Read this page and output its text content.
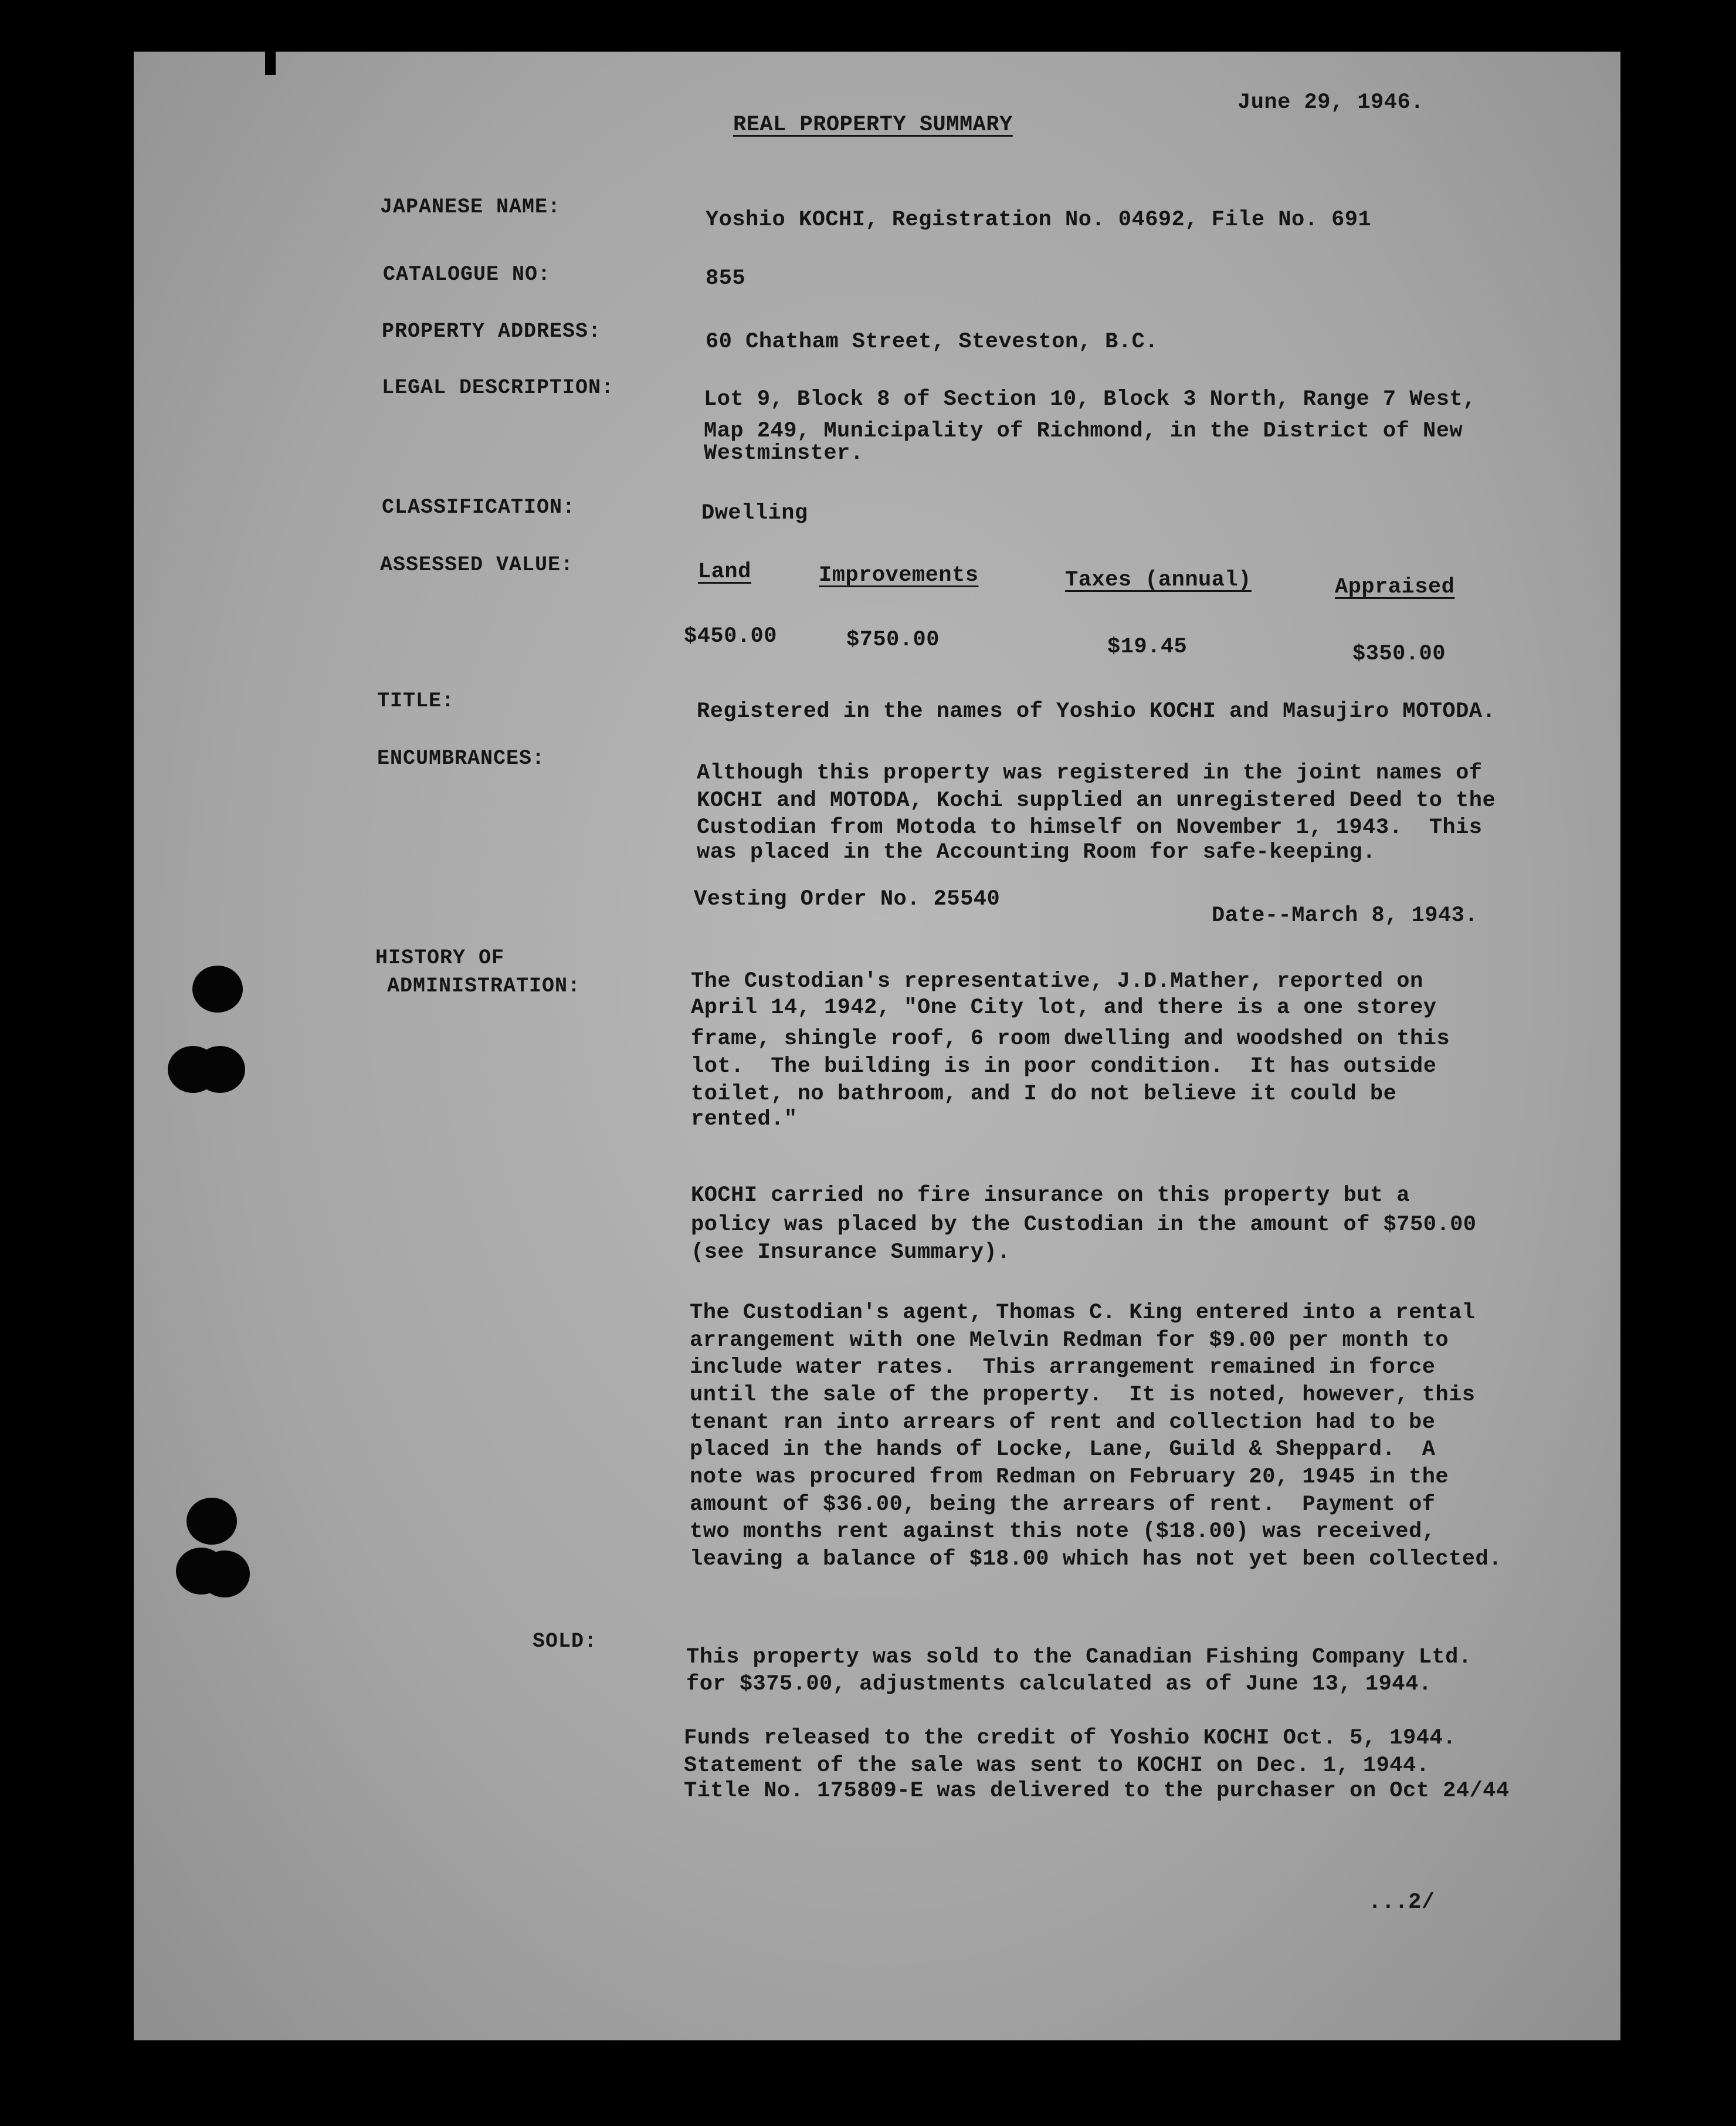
REAL PROPERTY SUMMARY
June 29, 1946.
JAPANESE NAME:
Yoshio KOCHI, Registration No. 04692, File No. 691
CATALOGUE NO:	855
PROPERTY ADDRESS:	60 Chatham Street, Steveston, B.C.
LEGAL DESCRIPTION:	Lot 9, Block 8 of Section 10, Block 3 North, Range 7 West,
Map 249, Municipality of Richmond, in the District of New
Westminster.
CLASSIFICATION:	Dwelling
ASSESSED VALUE:	Land	Improvements	Taxes (annual)	Appraised
$450.00	$750.00	$19.45	$350.00
TITLE:	Registered in the names of Yoshio KOCHI and Masujiro MOTODA.
ENCUMBRANCES:
Although this property was registered in the joint names of
KOCHI and MOTODA, Kochi supplied an unregistered Deed to the
Custodian from Motoda to himself on November 1, 1943.  This
was placed in the Accounting Room for safe-keeping.
Vesting Order No. 25540
Date--March 8, 1943.
HISTORY OF
ADMINISTRATION:	The Custodian's representative, J.D.Mather, reported on
April 14, 1942, "One City lot, and there is a one storey
frame, shingle roof, 6 room dwelling and woodshed on this
lot.  The building is in poor condition.  It has outside
toilet, no bathroom, and I do not believe it could be
rented."
KOCHI carried no fire insurance on this property but a
policy was placed by the Custodian in the amount of $750.00
(see Insurance Summary).
The Custodian's agent, Thomas C. King entered into a rental
arrangement with one Melvin Redman for $9.00 per month to
include water rates.  This arrangement remained in force
until the sale of the property.  It is noted, however, this
tenant ran into arrears of rent and collection had to be
placed in the hands of Locke, Lane, Guild & Sheppard.  A
note was procured from Redman on February 20, 1945 in the
amount of $36.00, being the arrears of rent.  Payment of
two months rent against this note ($18.00) was received,
leaving a balance of $18.00 which has not yet been collected.
SOLD:
This property was sold to the Canadian Fishing Company Ltd.
for $375.00, adjustments calculated as of June 13, 1944.
Funds released to the credit of Yoshio KOCHI Oct. 5, 1944.
Statement of the sale was sent to KOCHI on Dec. 1, 1944.
Title No. 175809-E was delivered to the purchaser on Oct 24/44
...2/
